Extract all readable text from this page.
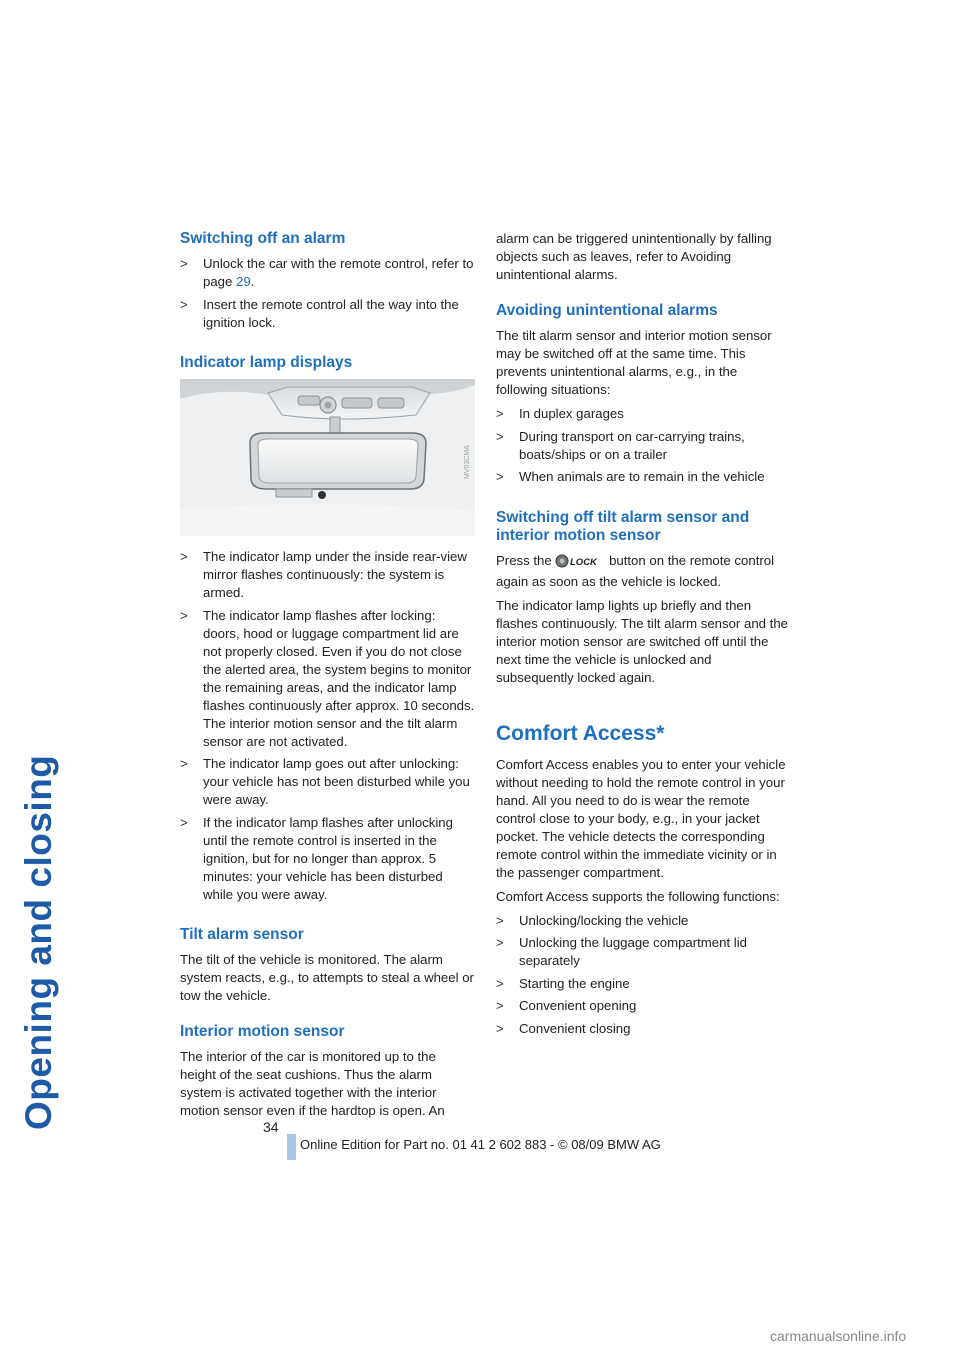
Opening and closing
Switching off an alarm
> Unlock the car with the remote control, refer to page 29.
> Insert the remote control all the way into the ignition lock.
Indicator lamp displays
MV03CMA
> The indicator lamp under the inside rear-view mirror flashes continuously: the system is armed.
> The indicator lamp flashes after locking: doors, hood or luggage compartment lid are not properly closed. Even if you do not close the alerted area, the system begins to monitor the remaining areas, and the indicator lamp flashes continuously after approx. 10 seconds. The interior motion sensor and the tilt alarm sensor are not activated.
> The indicator lamp goes out after unlocking: your vehicle has not been disturbed while you were away.
> If the indicator lamp flashes after unlocking until the remote control is inserted in the ignition, but for no longer than approx. 5 minutes: your vehicle has been disturbed while you were away.
Tilt alarm sensor

The tilt of the vehicle is monitored. The alarm system reacts, e.g., to attempts to steal a wheel or tow the vehicle.

Interior motion sensor

The interior of the car is monitored up to the height of the seat cushions. Thus the alarm system is activated together with the interior motion sensor even if the hardtop is open. An

alarm can be triggered unintentionally by falling objects such as leaves, refer to Avoiding unintentional alarms.

Avoiding unintentional alarms

The tilt alarm sensor and interior motion sensor may be switched off at the same time. This prevents unintentional alarms, e.g., in the following situations:

> In duplex garages
> During transport on car-carrying trains, boats/ships or on a trailer
> When animals are to remain in the vehicle
Switching off tilt alarm sensor and interior motion sensor

Press the LOCK button on the remote control again as soon as the vehicle is locked.

The indicator lamp lights up briefly and then flashes continuously. The tilt alarm sensor and the interior motion sensor are switched off until the next time the vehicle is unlocked and subsequently locked again.

Comfort Access*

Comfort Access enables you to enter your vehicle without needing to hold the remote control in your hand. All you need to do is wear the remote control close to your body, e.g., in your jacket pocket. The vehicle detects the corresponding remote control within the immediate vicinity or in the passenger compartment.

Comfort Access supports the following functions:

> Unlocking/locking the vehicle
> Unlocking the luggage compartment lid separately
> Starting the engine
> Convenient opening
> Convenient closing
34
Online Edition for Part no. 01 41 2 602 883 - © 08/09 BMW AG
carmanualsonline.info
